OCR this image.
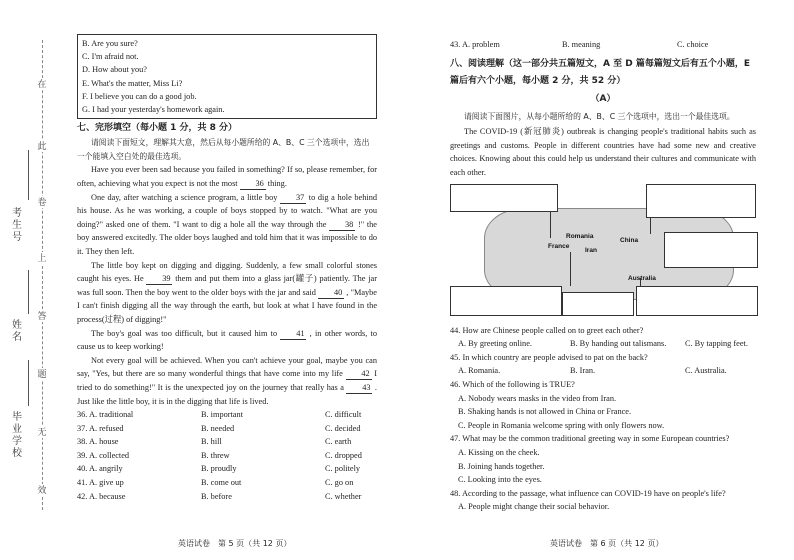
在
此
卷
上
答
题
无
效
考生号
姓名
毕业学校
B. Are you sure?
C. I'm afraid not.
D. How about you?
E. What's the matter, Miss Li?
F. I believe you can do a good job.
G. I had your yesterday's homework again.
七、完形填空（每小题 1 分，共 8 分）
请阅读下面短文，理解其大意，然后从每小题所给的 A、B、C 三个选项中，选出一个能填入空白处的最佳选项。
Have you ever been sad because you failed in something? If so, please remember, for often, achieving what you expect is not the most 36 thing.
One day, after watching a science program, a little boy 37 to dig a hole behind his house. As he was working, a couple of boys stopped by to watch. "What are you doing?" asked one of them. "I want to dig a hole all the way through the 38 !" the boy answered excitedly. The older boys laughed and told him that it was impossible to do it. They then left.
The little boy kept on digging and digging. Suddenly, a few small colorful stones caught his eyes. He 39 them and put them into a glass jar(罐子) patiently. The jar was full soon. Then the boy went to the older boys with the jar and said 40 , "Maybe I can't finish digging all the way through the earth, but look at what I have found in the process(过程) of digging!"
The boy's goal was too difficult, but it caused him to 41 , in other words, to cause us to keep working!
Not every goal will be achieved. When you can't achieve your goal, maybe you can say, "Yes, but there are so many wonderful things that have come into my life 42 I tried to do something!" It is the unexpected joy on the journey that really has a 43 . Just like the little boy, it is in the digging that life is lived.
36. A. traditional	B. important	C. difficult
37. A. refused	B. needed	C. decided
38. A. house	B. hill	C. earth
39. A. collected	B. threw	C. dropped
40. A. angrily	B. proudly	C. politely
41. A. give up	B. come out	C. go on
42. A. because	B. before	C. whether
英语试卷　第 5 页（共 12 页）
43. A. problem	B. meaning	C. choice
八、阅读理解（这一部分共五篇短文，A 至 D 篇每篇短文后有五个小题，E 篇后有六个小题，每小题 2 分，共 52 分）
（A）
请阅读下面图片，从每小题所给的 A、B、C 三个选项中，选出一个最佳选项。
The COVID-19 (新冠肺炎) outbreak is changing people's traditional habits such as greetings and customs. People in different countries have had some new and creative choices. Knowing about this could help us understand their cultures and communicate with each other.
France
Romania
Iran
China
Australia
44. How are Chinese people called on to greet each other?
A. By greeting online.	B. By handing out talismans.	C. By tapping feet.
45. In which country are people advised to pat on the back?
A. Romania.	B. Iran.	C. Australia.
46. Which of the following is TRUE?
A. Nobody wears masks in the video from Iran.
B. Shaking hands is not allowed in China or France.
C. People in Romania welcome spring with only flowers now.
47. What may be the common traditional greeting way in some European countries?
A. Kissing on the cheek.
B. Joining hands together.
C. Looking into the eyes.
48. According to the passage, what influence can COVID-19 have on people's life?
A. People might change their social behavior.
英语试卷　第 6 页（共 12 页）
